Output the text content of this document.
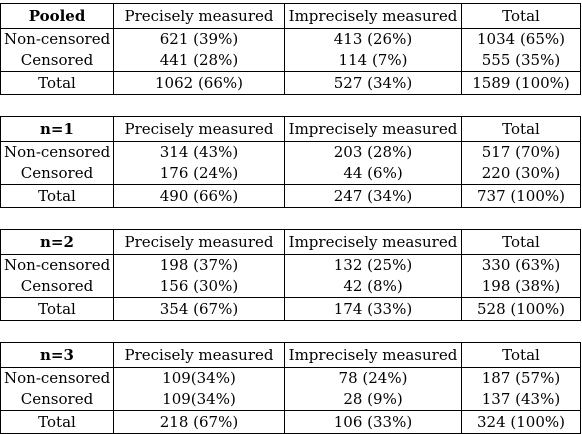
Pooled	Precisely measured	Imprecisely measured	Total
Non-censored	621 (39%)	413 (26%)	1034 (65%)
Censored	441 (28%)	114 (7%)	555 (35%)
Total	1062 (66%)	527 (34%)	1589 (100%)
n=1	Precisely measured	Imprecisely measured	Total
Non-censored	314 (43%)	203 (28%)	517 (70%)
Censored	176 (24%)	44 (6%)	220 (30%)
Total	490 (66%)	247 (34%)	737 (100%)
n=2	Precisely measured	Imprecisely measured	Total
Non-censored	198 (37%)	132 (25%)	330 (63%)
Censored	156 (30%)	42 (8%)	198 (38%)
Total	354 (67%)	174 (33%)	528 (100%)
n=3	Precisely measured	Imprecisely measured	Total
Non-censored	109(34%)	78 (24%)	187 (57%)
Censored	109(34%)	28 (9%)	137 (43%)
Total	218 (67%)	106 (33%)	324 (100%)
